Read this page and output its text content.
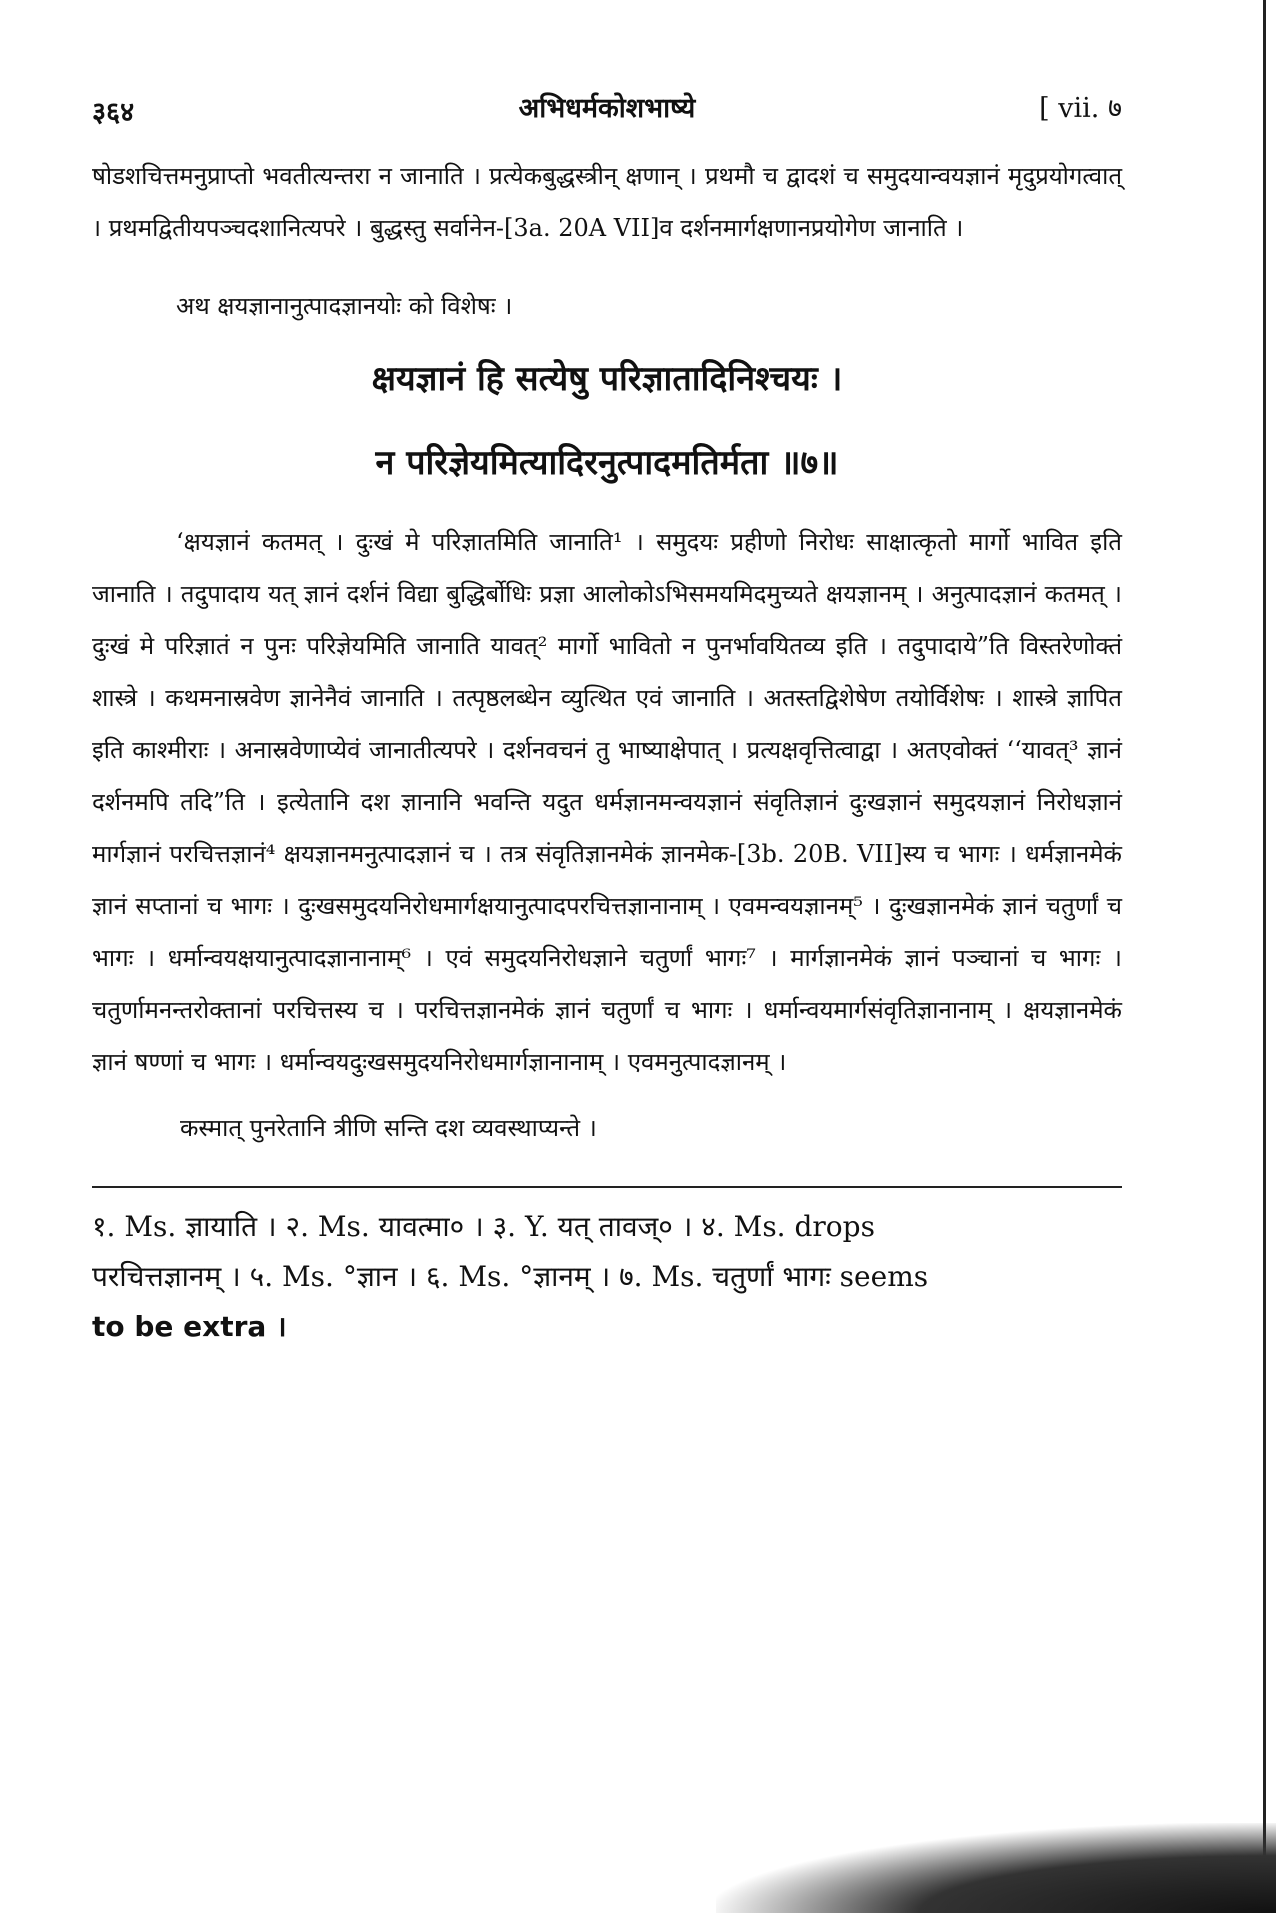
३६४	अभिधर्मकोशभाष्ये	[ vii. ७

षोडशचित्तमनुप्राप्तो भवतीत्यन्तरा न जानाति । प्रत्येकबुद्धस्त्रीन् क्षणान् । प्रथमौ च द्वादशं च समुदयान्वयज्ञानं मृदुप्रयोगत्वात् । प्रथमद्वितीयपञ्चदशानित्यपरे । बुद्धस्तु सर्वानेन-[3a. 20A VII]व दर्शनमार्गक्षणानप्रयोगेण जानाति ।

अथ क्षयज्ञानानुत्पादज्ञानयोः को विशेषः ।
क्षयज्ञानं हि सत्येषु परिज्ञातादिनिश्चयः ।
न परिज्ञेयमित्यादिरनुत्पादमतिर्मता ॥७॥

‘क्षयज्ञानं कतमत् । दुःखं मे परिज्ञातमिति जानाति¹ । समुदयः प्रहीणो निरोधः साक्षात्कृतो मार्गो भावित इति जानाति । तदुपादाय यत् ज्ञानं दर्शनं विद्या बुद्धिर्बोधिः प्रज्ञा आलोकोऽभिसमयमिदमुच्यते क्षयज्ञानम् । अनुत्पादज्ञानं कतमत् । दुःखं मे परिज्ञातं न पुनः परिज्ञेयमिति जानाति यावत्² मार्गो भावितो न पुनर्भावयितव्य इति । तदुपादाये”ति विस्तरेणोक्तं शास्त्रे । कथमनास्रवेण ज्ञानेनैवं जानाति । तत्पृष्ठलब्धेन व्युत्थित एवं जानाति । अतस्तद्विशेषेण तयोर्विशेषः । शास्त्रे ज्ञापित इति काश्मीराः । अनास्रवेणाप्येवं जानातीत्यपरे । दर्शनवचनं तु भाष्याक्षेपात् । प्रत्यक्षवृत्तित्वाद्वा । अतएवोक्तं ‘‘यावत्³ ज्ञानं दर्शनमपि तदि”ति । इत्येतानि दश ज्ञानानि भवन्ति यदुत धर्मज्ञानमन्वयज्ञानं संवृतिज्ञानं दुःखज्ञानं समुदयज्ञानं निरोधज्ञानं मार्गज्ञानं परचित्तज्ञानं⁴ क्षयज्ञानमनुत्पादज्ञानं च । तत्र संवृतिज्ञानमेकं ज्ञानमेक-[3b. 20B. VII]स्य च भागः । धर्मज्ञानमेकं ज्ञानं सप्तानां च भागः । दुःखसमुदयनिरोधमार्गक्षयानुत्पादपरचित्तज्ञानानाम् । एवमन्वयज्ञानम्⁵ । दुःखज्ञानमेकं ज्ञानं चतुर्णां च भागः । धर्मान्वयक्षयानुत्पादज्ञानानाम्⁶ । एवं समुदयनिरोधज्ञाने चतुर्णां भागः⁷ । मार्गज्ञानमेकं ज्ञानं पञ्चानां च भागः । चतुर्णामनन्तरोक्तानां परचित्तस्य च । परचित्तज्ञानमेकं ज्ञानं चतुर्णां च भागः । धर्मान्वयमार्गसंवृतिज्ञानानाम् । क्षयज्ञानमेकं ज्ञानं षण्णां च भागः । धर्मान्वयदुःखसमुदयनिरोधमार्गज्ञानानाम् । एवमनुत्पादज्ञानम् ।

कस्मात् पुनरेतानि त्रीणि सन्ति दश व्यवस्थाप्यन्ते ।
१. Ms. ज्ञायाति । २. Ms. यावत्मा० । ३. Y. यत् तावज्० । ४. Ms. drops
परचित्तज्ञानम् । ५. Ms. °ज्ञान । ६. Ms. °ज्ञानम् । ७. Ms. चतुर्णां भागः seems
to be extra ।
